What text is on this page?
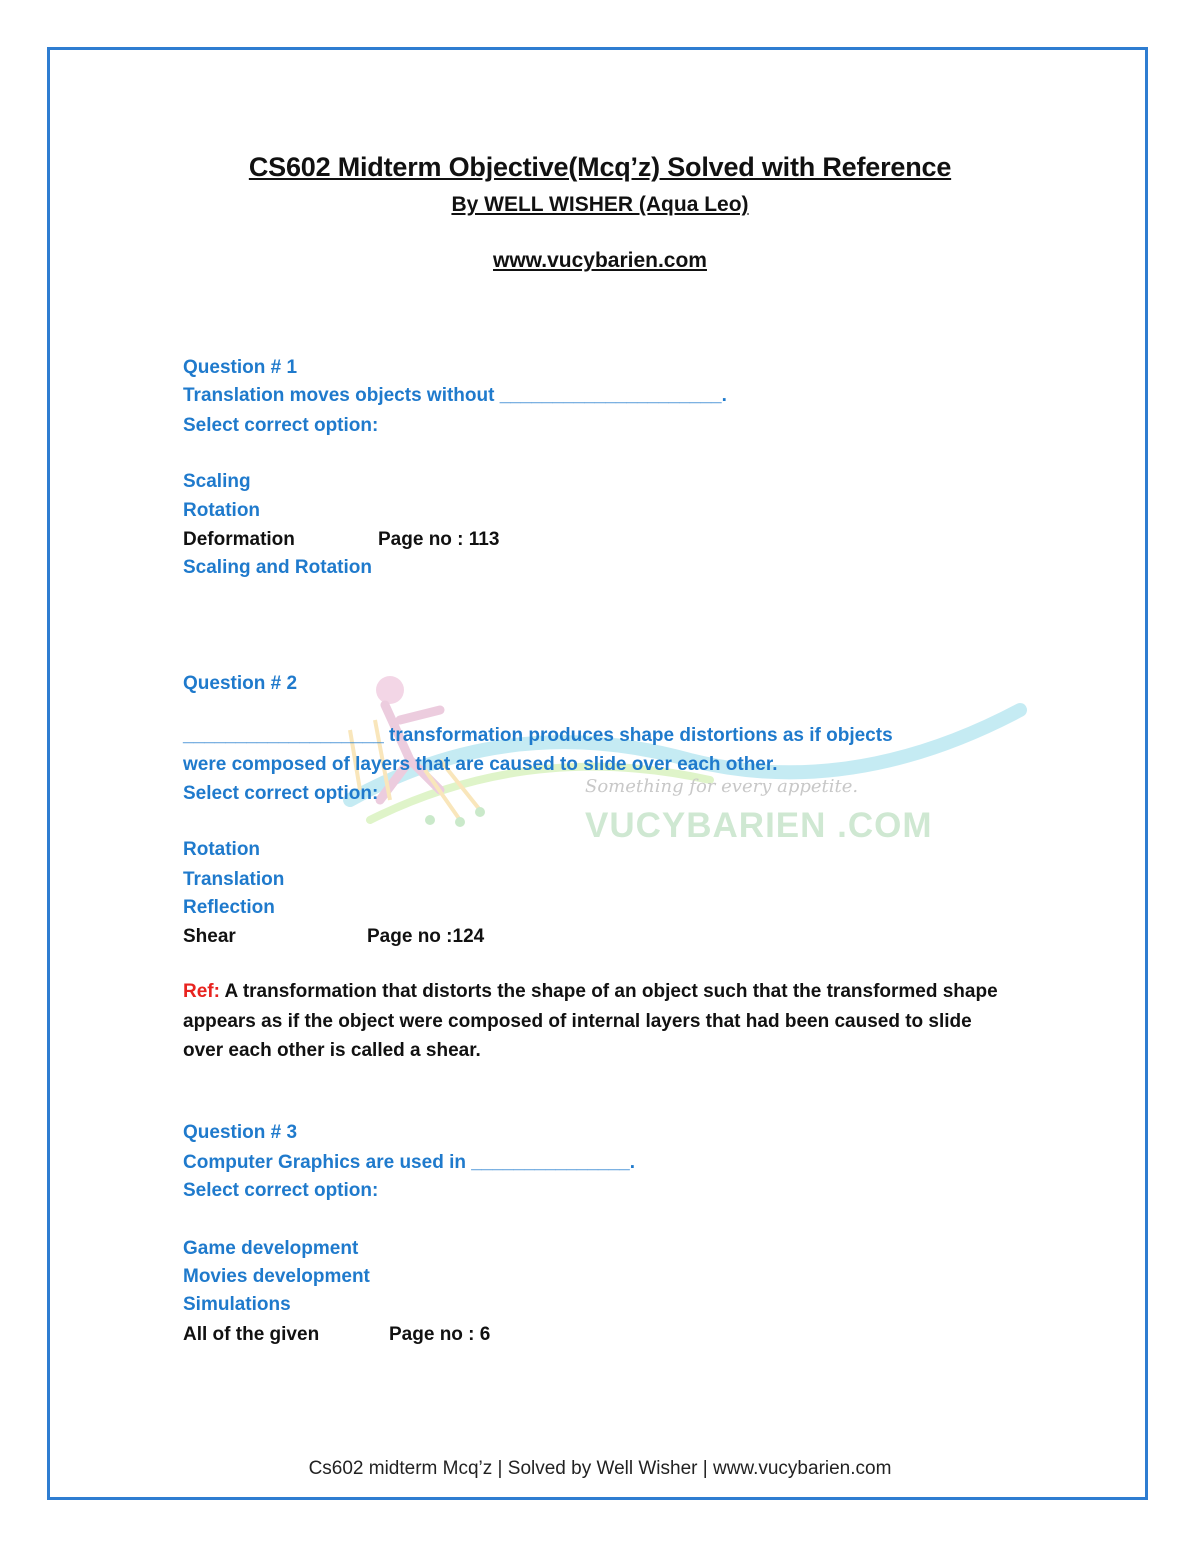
Something for every appetite.
VUCYBARIEN .COM
CS602 Midterm Objective(Mcq’z) Solved with Reference
By WELL WISHER (Aqua Leo)
www.vucybarien.com
Question # 1
Translation moves objects without _____________________.
Select correct option:
Scaling
Rotation
Deformation	Page no : 113
Scaling and Rotation
Question # 2
___________________ transformation produces shape distortions as if objects
were composed of layers that are caused to slide over each other.
Select correct option:
Rotation
Translation
Reflection
Shear	Page no :124
Ref: A transformation that distorts the shape of an object such that the transformed shape appears as if the object were composed of internal layers that had been caused to slide over each other is called a shear.
Question # 3
Computer Graphics are used in _______________.
Select correct option:
Game development
Movies development
Simulations
All of the given	Page no : 6
Cs602 midterm Mcq’z | Solved by Well Wisher | www.vucybarien.com
